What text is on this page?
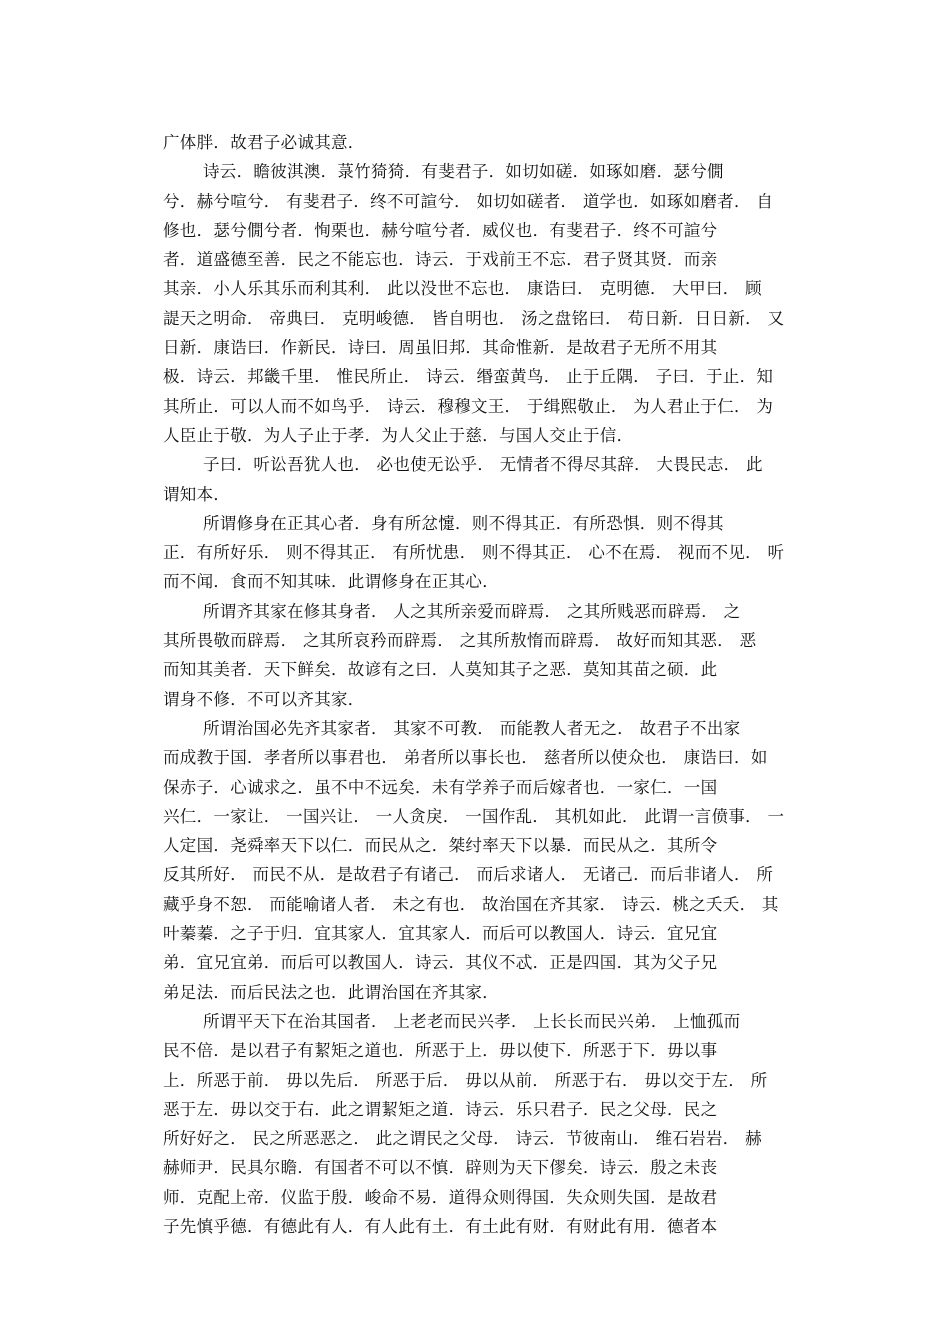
广体胖．故君子必诚其意．
诗云．瞻彼淇澳．菉竹猗猗．有斐君子．如切如磋．如琢如磨．瑟兮僩
兮．赫兮喧兮． 有斐君子．终不可諠兮． 如切如磋者． 道学也．如琢如磨者． 自
修也．瑟兮僩兮者．恂栗也．赫兮喧兮者．威仪也．有斐君子．终不可諠兮
者．道盛德至善．民之不能忘也．诗云．于戏前王不忘．君子贤其贤．而亲
其亲．小人乐其乐而利其利． 此以没世不忘也． 康诰曰． 克明德． 大甲曰． 顾
諟天之明命． 帝典曰． 克明峻德． 皆自明也． 汤之盘铭曰． 苟日新．日日新． 又
日新．康诰曰．作新民．诗曰．周虽旧邦．其命惟新．是故君子无所不用其
极．诗云．邦畿千里． 惟民所止． 诗云．缗蛮黄鸟． 止于丘隅． 子曰．于止．知
其所止．可以人而不如鸟乎． 诗云．穆穆文王． 于缉熙敬止． 为人君止于仁． 为
人臣止于敬．为人子止于孝．为人父止于慈．与国人交止于信．
子曰．听讼吾犹人也． 必也使无讼乎． 无情者不得尽其辞． 大畏民志． 此
谓知本．
所谓修身在正其心者．身有所忿懥．则不得其正．有所恐惧．则不得其
正．有所好乐． 则不得其正． 有所忧患． 则不得其正． 心不在焉． 视而不见． 听
而不闻．食而不知其味．此谓修身在正其心．
所谓齐其家在修其身者． 人之其所亲爱而辟焉． 之其所贱恶而辟焉． 之
其所畏敬而辟焉． 之其所哀矜而辟焉． 之其所敖惰而辟焉． 故好而知其恶． 恶
而知其美者．天下鲜矣．故谚有之曰．人莫知其子之恶．莫知其苗之硕．此
谓身不修．不可以齐其家．
所谓治国必先齐其家者． 其家不可教． 而能教人者无之． 故君子不出家
而成教于国．孝者所以事君也． 弟者所以事长也． 慈者所以使众也． 康诰曰．如
保赤子．心诚求之．虽不中不远矣．未有学养子而后嫁者也．一家仁．一国
兴仁．一家让． 一国兴让． 一人贪戾． 一国作乱． 其机如此． 此谓一言偾事． 一
人定国．尧舜率天下以仁．而民从之．桀纣率天下以暴．而民从之．其所令
反其所好． 而民不从．是故君子有诸己． 而后求诸人． 无诸己．而后非诸人． 所
藏乎身不恕． 而能喻诸人者． 未之有也． 故治国在齐其家． 诗云．桃之夭夭． 其
叶蓁蓁．之子于归．宜其家人．宜其家人．而后可以教国人．诗云．宜兄宜
弟．宜兄宜弟．而后可以教国人．诗云．其仪不忒．正是四国．其为父子兄
弟足法．而后民法之也．此谓治国在齐其家．
所谓平天下在治其国者． 上老老而民兴孝． 上长长而民兴弟． 上恤孤而
民不倍．是以君子有絜矩之道也．所恶于上．毋以使下．所恶于下．毋以事
上．所恶于前． 毋以先后． 所恶于后． 毋以从前． 所恶于右． 毋以交于左． 所
恶于左．毋以交于右．此之谓絜矩之道．诗云．乐只君子．民之父母．民之
所好好之． 民之所恶恶之． 此之谓民之父母． 诗云．节彼南山． 维石岩岩． 赫
赫师尹．民具尔瞻．有国者不可以不慎．辟则为天下僇矣．诗云．殷之未丧
师．克配上帝．仪监于殷．峻命不易．道得众则得国．失众则失国．是故君
子先慎乎德．有德此有人．有人此有土．有土此有财．有财此有用．德者本
